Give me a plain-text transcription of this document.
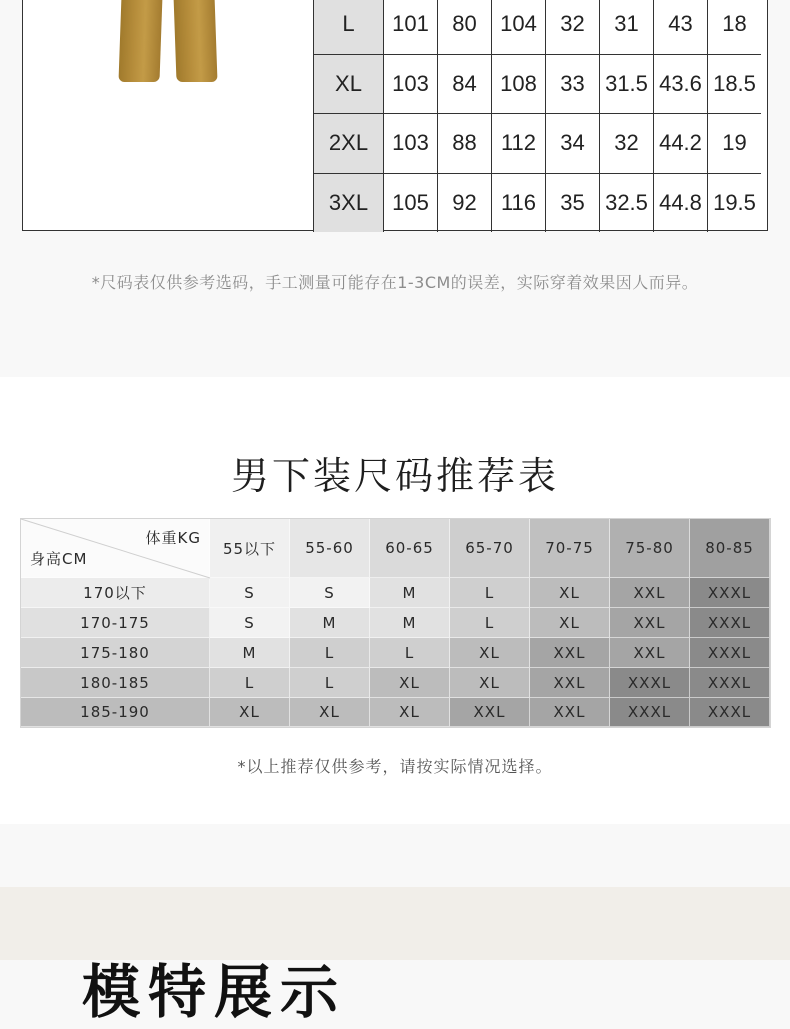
L	101	80	104	32	31	43	18
XL	103	84	108	33	31.5	43.6	18.5
2XL	103	88	112	34	32	44.2	19
3XL	105	92	116	35	32.5	44.8	19.5
*尺码表仅供参考选码，手工测量可能存在1-3CM的误差，实际穿着效果因人而异。
男下装尺码推荐表
体重KG
身高CM
55以下	55-60	60-65	65-70	70-75	75-80	80-85
170以下	S	S	M	L	XL	XXL	XXXL
170-175	S	M	M	L	XL	XXL	XXXL
175-180	M	L	L	XL	XXL	XXL	XXXL
180-185	L	L	XL	XL	XXL	XXXL	XXXL
185-190	XL	XL	XL	XXL	XXL	XXXL	XXXL
*以上推荐仅供参考，请按实际情况选择。
模特展示
